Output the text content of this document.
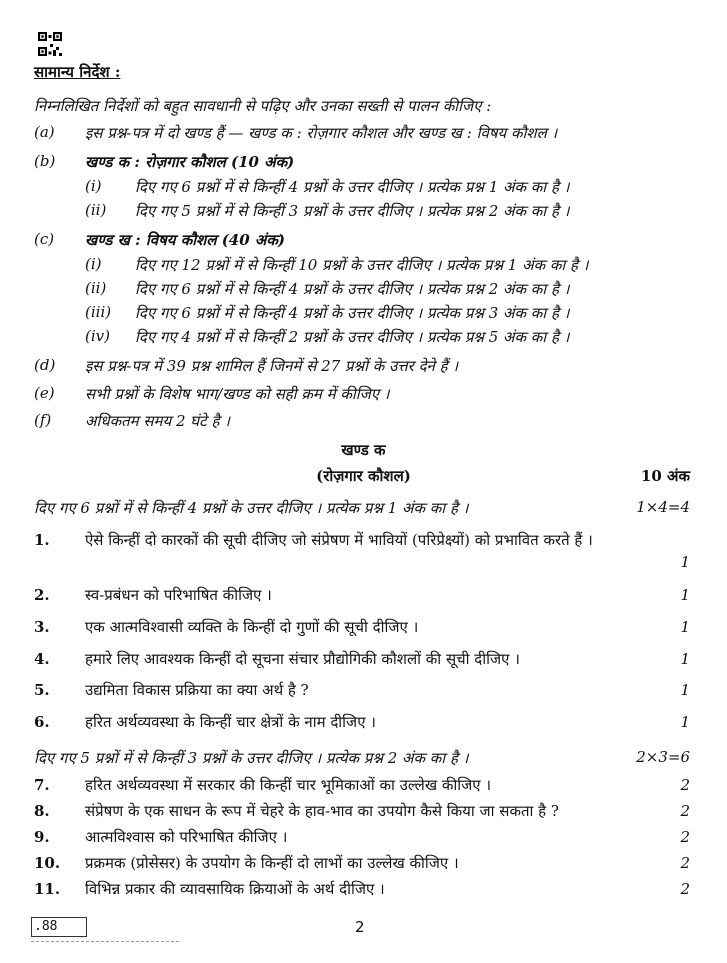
सामान्य निर्देश :
निम्नलिखित निर्देशों को बहुत सावधानी से पढ़िए और उनका सख्ती से पालन कीजिए :
(a) इस प्रश्न-पत्र में दो खण्ड हैं — खण्ड क : रोज़गार कौशल और खण्ड ख : विषय कौशल ।
(b) खण्ड क : रोज़गार कौशल (10 अंक)
(i) दिए गए 6 प्रश्नों में से किन्हीं 4 प्रश्नों के उत्तर दीजिए । प्रत्येक प्रश्न 1 अंक का है ।
(ii) दिए गए 5 प्रश्नों में से किन्हीं 3 प्रश्नों के उत्तर दीजिए । प्रत्येक प्रश्न 2 अंक का है ।
(c) खण्ड ख : विषय कौशल (40 अंक)
(i) दिए गए 12 प्रश्नों में से किन्हीं 10 प्रश्नों के उत्तर दीजिए । प्रत्येक प्रश्न 1 अंक का है ।
(ii) दिए गए 6 प्रश्नों में से किन्हीं 4 प्रश्नों के उत्तर दीजिए । प्रत्येक प्रश्न 2 अंक का है ।
(iii) दिए गए 6 प्रश्नों में से किन्हीं 4 प्रश्नों के उत्तर दीजिए । प्रत्येक प्रश्न 3 अंक का है ।
(iv) दिए गए 4 प्रश्नों में से किन्हीं 2 प्रश्नों के उत्तर दीजिए । प्रत्येक प्रश्न 5 अंक का है ।
(d) इस प्रश्न-पत्र में 39 प्रश्न शामिल हैं जिनमें से 27 प्रश्नों के उत्तर देने हैं ।
(e) सभी प्रश्नों के विशेष भाग/खण्ड को सही क्रम में कीजिए ।
(f) अधिकतम समय 2 घंटे है ।
खण्ड क
(रोज़गार कौशल)	10 अंक
दिए गए 6 प्रश्नों में से किन्हीं 4 प्रश्नों के उत्तर दीजिए । प्रत्येक प्रश्न 1 अंक का है ।	1×4=4
1. ऐसे किन्हीं दो कारकों की सूची दीजिए जो संप्रेषण में भावियों (परिप्रेक्ष्यों) को प्रभावित करते हैं ।
1
2. स्व-प्रबंधन को परिभाषित कीजिए ।	1
3. एक आत्मविश्वासी व्यक्ति के किन्हीं दो गुणों की सूची दीजिए ।	1
4. हमारे लिए आवश्यक किन्हीं दो सूचना संचार प्रौद्योगिकी कौशलों की सूची दीजिए ।	1
5. उद्यमिता विकास प्रक्रिया का क्या अर्थ है ?	1
6. हरित अर्थव्यवस्था के किन्हीं चार क्षेत्रों के नाम दीजिए ।	1
दिए गए 5 प्रश्नों में से किन्हीं 3 प्रश्नों के उत्तर दीजिए । प्रत्येक प्रश्न 2 अंक का है ।	2×3=6
7. हरित अर्थव्यवस्था में सरकार की किन्हीं चार भूमिकाओं का उल्लेख कीजिए ।	2
8. संप्रेषण के एक साधन के रूप में चेहरे के हाव-भाव का उपयोग कैसे किया जा सकता है ?	2
9. आत्मविश्वास को परिभाषित कीजिए ।	2
10. प्रक्रमक (प्रोसेसर) के उपयोग के किन्हीं दो लाभों का उल्लेख कीजिए ।	2
11. विभिन्न प्रकार की व्यावसायिक क्रियाओं के अर्थ दीजिए ।	2
.88	2
